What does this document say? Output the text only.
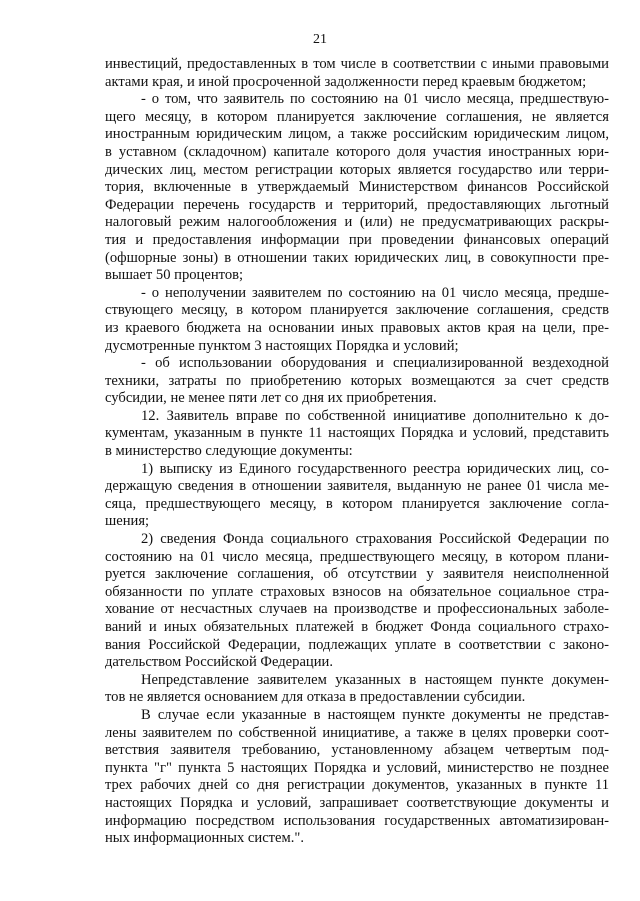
21
инвестиций, предоставленных в том числе в соответствии с иными правовыми
актами края, и иной просроченной задолженности перед краевым бюджетом;
- о том, что заявитель по состоянию на 01 число месяца, предшествую-
щего месяцу, в котором планируется заключение соглашения, не является
иностранным юридическим лицом, а также российским юридическим лицом,
в уставном (складочном) капитале которого доля участия иностранных юри-
дических лиц, местом регистрации которых является государство или терри-
тория, включенные в утверждаемый Министерством финансов Российской
Федерации перечень государств и территорий, предоставляющих льготный
налоговый режим налогообложения и (или) не предусматривающих раскры-
тия и предоставления информации при проведении финансовых операций
(офшорные зоны) в отношении таких юридических лиц, в совокупности пре-
вышает 50 процентов;
- о неполучении заявителем по состоянию на 01 число месяца, предше-
ствующего месяцу, в котором планируется заключение соглашения, средств
из краевого бюджета на основании иных правовых актов края на цели, пре-
дусмотренные пунктом 3 настоящих Порядка и условий;
- об использовании оборудования и специализированной вездеходной
техники, затраты по приобретению которых возмещаются за счет средств
субсидии, не менее пяти лет со дня их приобретения.
12. Заявитель вправе по собственной инициативе дополнительно к до-
кументам, указанным в пункте 11 настоящих Порядка и условий, представить
в министерство следующие документы:
1) выписку из Единого государственного реестра юридических лиц, со-
держащую сведения в отношении заявителя, выданную не ранее 01 числа ме-
сяца, предшествующего месяцу, в котором планируется заключение согла-
шения;
2) сведения Фонда социального страхования Российской Федерации по
состоянию на 01 число месяца, предшествующего месяцу, в котором плани-
руется заключение соглашения, об отсутствии у заявителя неисполненной
обязанности по уплате страховых взносов на обязательное социальное стра-
хование от несчастных случаев на производстве и профессиональных заболе-
ваний и иных обязательных платежей в бюджет Фонда социального страхо-
вания Российской Федерации, подлежащих уплате в соответствии с законо-
дательством Российской Федерации.
Непредставление заявителем указанных в настоящем пункте докумен-
тов не является основанием для отказа в предоставлении субсидии.
В случае если указанные в настоящем пункте документы не представ-
лены заявителем по собственной инициативе, а также в целях проверки соот-
ветствия заявителя требованию, установленному абзацем четвертым под-
пункта "г" пункта 5 настоящих Порядка и условий, министерство не позднее
трех рабочих дней со дня регистрации документов, указанных в пункте 11
настоящих Порядка и условий, запрашивает соответствующие документы и
информацию посредством использования государственных автоматизирован-
ных информационных систем.".
